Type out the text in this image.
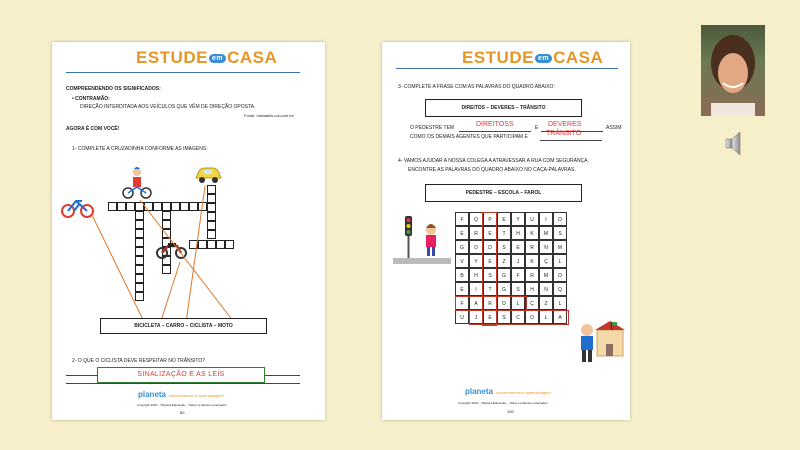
ESTUDE em CASA
COMPREENDENDO OS SIGNIFICADOS:
• CONTRAMÃO:
DIREÇÃO INTERDITADA AOS VEÍCULOS QUE VÊM DE DIREÇÃO OPOSTA.
Fonte: michaelis.uol.com.br/
AGORA É COM VOCÊ!
1- COMPLETE A CRUZADINHA CONFORME AS IMAGENS:
BICICLETA – CARRO – CICLISTA – MOTO
2- O QUE O CICLISTA DEVE RESPEITAR NO TRÂNSITO?
SINALIZAÇÃO E AS LEIS
planeta conhecimento e aprendizagem
Copyright 2020 – Planeta Educação – Todos os direitos reservados
80
ESTUDE em CASA
3- COMPLETE A FRASE COM AS PALAVRAS DO QUADRO ABAIXO:
DIREITOS – DEVERES – TRÂNSITO
O PEDESTRE TEM	DIREITOSS	E DEVERES	ASSIM
COMO OS DEMAIS AGENTES QUE PARTICIPAM E	TRÂNSITO
4- VAMOS AJUDAR A NOSSA COLEGA A ATRAVESSAR A RUA COM SEGURANÇA.
ENCONTRE AS PALAVRAS DO QUADRO ABAIXO NO CAÇA-PALAVRAS.
PEDESTRE – ESCOLA – FAROL
F	Q	P	E	Y	U	I	O
E	R	E	T	H	K	M	S
G	D	D	S	E	R	N	M
V	Y	E	Z	J	K	Ç	L
B	H	S	G	F	R	M	O
E	I	T	G	S	H	N	Q
F	A	R	O	L	Ç	Z	L
U	J	E	S	C	O	L	A
planeta conhecimento e aprendizagem
Copyright 2020 – Planeta Educação – Todos os direitos reservados
100
